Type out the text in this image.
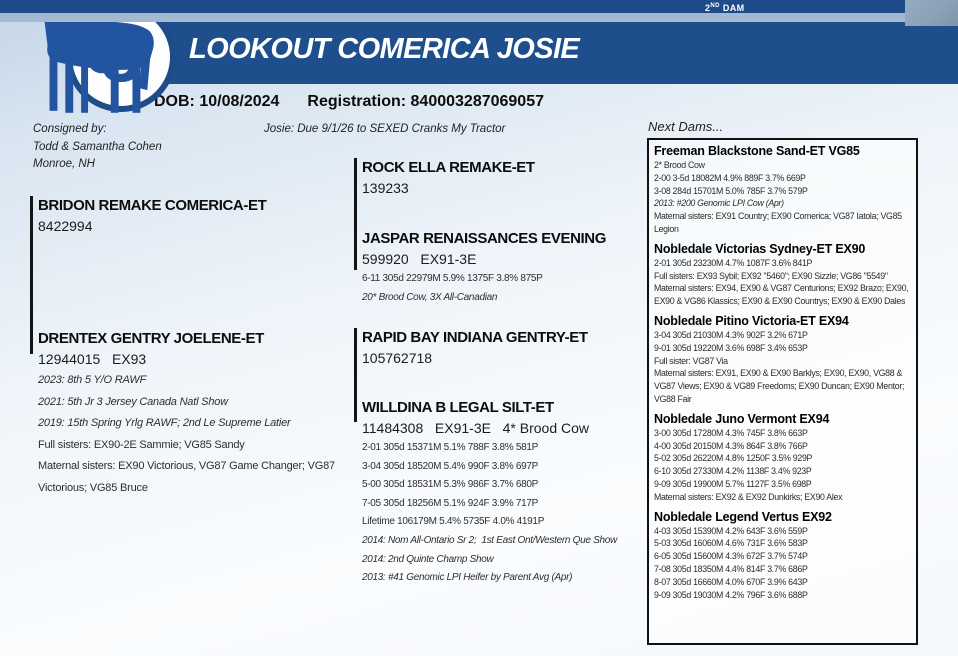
2ND DAM
LOOKOUT COMERICA JOSIE
DOB: 10/08/2024 Registration: 840003287069057
Consigned by:
Todd & Samantha Cohen
Monroe, NH
Josie: Due 9/1/26 to SEXED Cranks My Tractor
BRIDON REMAKE COMERICA-ET
8422994
DRENTEX GENTRY JOELENE-ET
12944015   EX93
2023: 8th 5 Y/O RAWF
2021: 5th Jr 3 Jersey Canada Natl Show
2019: 15th Spring Yrlg RAWF; 2nd Le Supreme Latier
Full sisters: EX90-2E Sammie; VG85 Sandy
Maternal sisters: EX90 Victorious, VG87 Game Changer; VG87 Victorious; VG85 Bruce
ROCK ELLA REMAKE-ET
139233
JASPAR RENAISSANCES EVENING
599920   EX91-3E
6-11 305d 22979M 5.9% 1375F 3.8% 875P
20* Brood Cow, 3X All-Canadian
RAPID BAY INDIANA GENTRY-ET
105762718
WILLDINA B LEGAL SILT-ET
11484308   EX91-3E   4* Brood Cow
2-01 305d 15371M 5.1% 788F 3.8% 581P
3-04 305d 18520M 5.4% 990F 3.8% 697P
5-00 305d 18531M 5.3% 986F 3.7% 680P
7-05 305d 18256M 5.1% 924F 3.9% 717P
Lifetime 106179M 5.4% 5735F 4.0% 4191P
2014: Nom All-Ontario Sr 2;  1st East Ont/Western Que Show
2014: 2nd Quinte Champ Show
2013: #41 Genomic LPI Heifer by Parent Avg (Apr)
Next Dams...
Freeman Blackstone Sand-ET VG85
2* Brood Cow
2-00 3-5d 18082M 4.9% 889F 3.7% 669P
3-08 284d 15701M 5.0% 785F 3.7% 579P
2013: #200 Genomic LPI Cow (Apr)
Maternal sisters: EX91 Country; EX90 Comerica; VG87 Iatola; VG85 Legion
Nobledale Victorias Sydney-ET EX90
2-01 305d 23230M 4.7% 1087F 3.6% 841P
Full sisters: EX93 Sybil; EX92 "5460"; EX90 Sizzle; VG86 "5549"
Maternal sisters: EX94, EX90 & VG87 Centurions; EX92 Brazo; EX90, EX90 & VG86 Klassics; EX90 & EX90 Countrys; EX90 & EX90 Dales
Nobledale Pitino Victoria-ET EX94
3-04 305d 21030M 4.3% 902F 3.2% 671P
9-01 305d 19220M 3.6% 698F 3.4% 653P
Full sister: VG87 Via
Maternal sisters: EX91, EX90 & EX90 Barklys; EX90, EX90, VG88 & VG87 Views; EX90 & VG89 Freedoms; EX90 Duncan; EX90 Mentor; VG88 Fair
Nobledale Juno Vermont EX94
3-00 305d 17280M 4.3% 745F 3.8% 663P
4-00 305d 20150M 4.3% 864F 3.8% 766P
5-02 305d 26220M 4.8% 1250F 3.5% 929P
6-10 305d 27330M 4.2% 1138F 3.4% 923P
9-09 305d 19900M 5.7% 1127F 3.5% 698P
Maternal sisters: EX92 & EX92 Dunkirks; EX90 Alex
Nobledale Legend Vertus EX92
4-03 305d 15390M 4.2% 643F 3.6% 559P
5-03 305d 16060M 4.6% 731F 3.6% 583P
6-05 305d 15600M 4.3% 672F 3.7% 574P
7-08 305d 18350M 4.4% 814F 3.7% 686P
8-07 305d 16660M 4.0% 670F 3.9% 643P
9-09 305d 19030M 4.2% 796F 3.6% 688P
